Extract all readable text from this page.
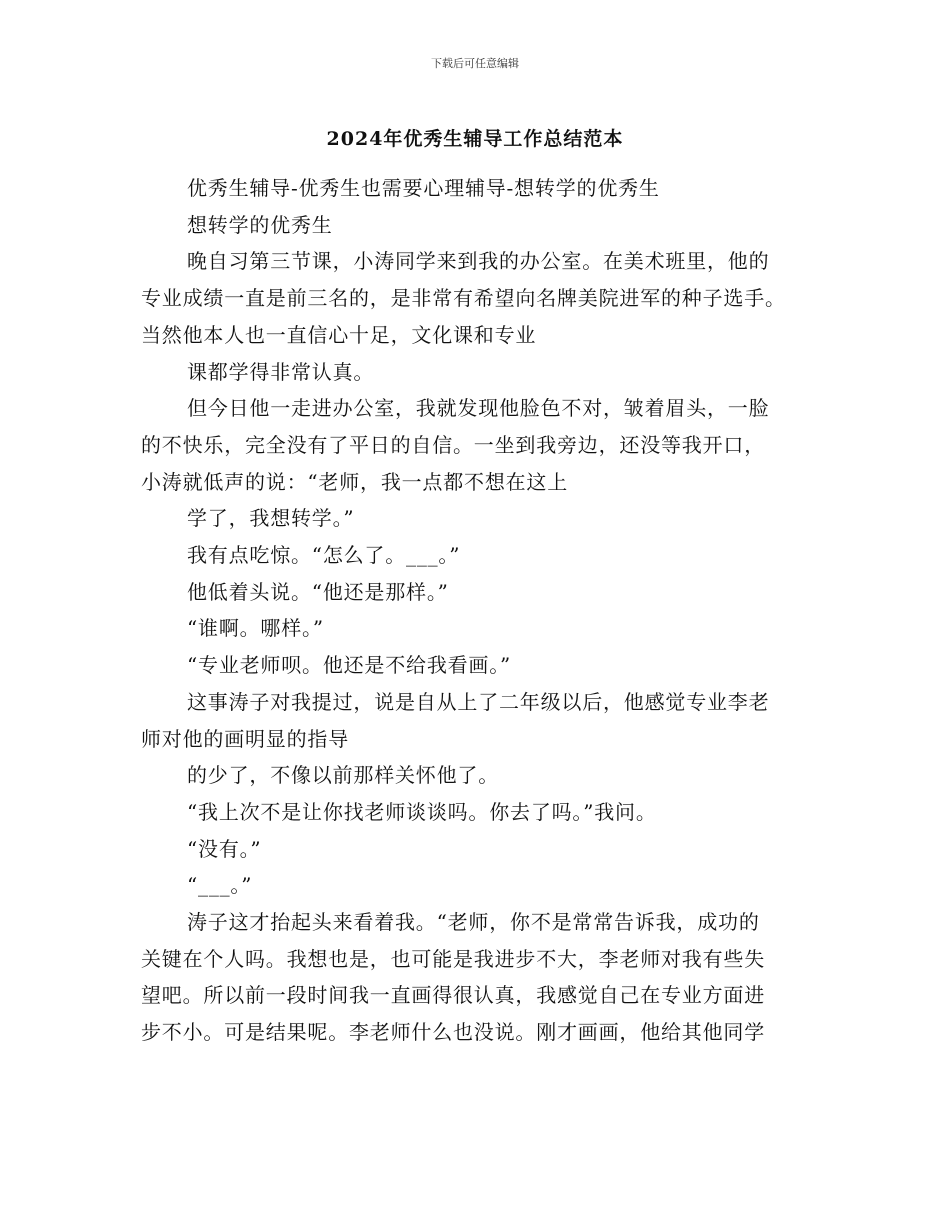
下载后可任意编辑
2024年优秀生辅导工作总结范本

优秀生辅导-优秀生也需要心理辅导-想转学的优秀生

想转学的优秀生

晚自习第三节课，小涛同学来到我的办公室。在美术班里，他的

专业成绩一直是前三名的，是非常有希望向名牌美院进军的种子选手。

当然他本人也一直信心十足，文化课和专业

课都学得非常认真。

但今日他一走进办公室，我就发现他脸色不对，皱着眉头，一脸

的不快乐，完全没有了平日的自信。一坐到我旁边，还没等我开口，

小涛就低声的说：“老师，我一点都不想在这上

学了，我想转学。”

我有点吃惊。“怎么了。___。”

他低着头说。“他还是那样。”

“谁啊。哪样。”

“专业老师呗。他还是不给我看画。”

这事涛子对我提过，说是自从上了二年级以后，他感觉专业李老

师对他的画明显的指导

的少了，不像以前那样关怀他了。

“我上次不是让你找老师谈谈吗。你去了吗。”我问。

“没有。”

“___。”

涛子这才抬起头来看着我。“老师，你不是常常告诉我，成功的

关键在个人吗。我想也是，也可能是我进步不大，李老师对我有些失

望吧。所以前一段时间我一直画得很认真，我感觉自己在专业方面进

步不小。可是结果呢。李老师什么也没说。刚才画画，他给其他同学
